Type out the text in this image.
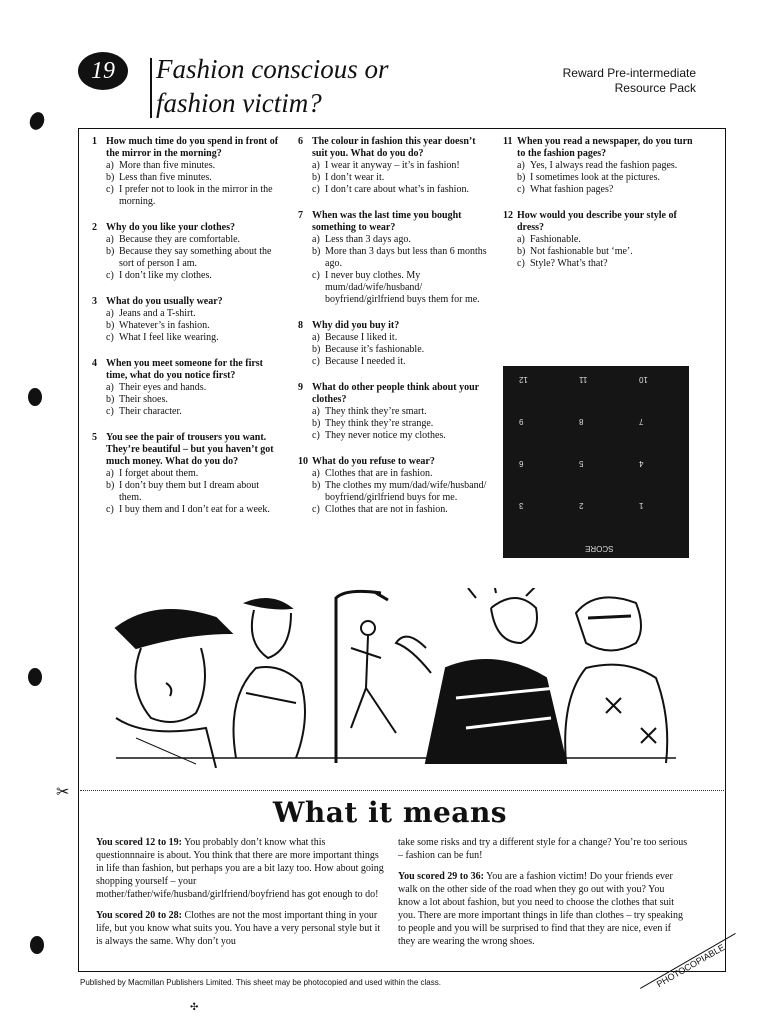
19	Fashion conscious or
fashion victim?
Reward Pre-intermediate
Resource Pack
1 How much time do you spend in front of the mirror in the morning?
a) More than five minutes.
b) Less than five minutes.
c) I prefer not to look in the mirror in the morning.
2 Why do you like your clothes?
a) Because they are comfortable.
b) Because they say something about the sort of person I am.
c) I don’t like my clothes.
3 What do you usually wear?
a) Jeans and a T-shirt.
b) Whatever’s in fashion.
c) What I feel like wearing.
4 When you meet someone for the first time, what do you notice first?
a) Their eyes and hands.
b) Their shoes.
c) Their character.
5 You see the pair of trousers you want. They’re beautiful – but you haven’t got much money. What do you do?
a) I forget about them.
b) I don’t buy them but I dream about them.
c) I buy them and I don’t eat for a week.
6 The colour in fashion this year doesn’t suit you. What do you do?
a) I wear it anyway – it’s in fashion!
b) I don’t wear it.
c) I don’t care about what’s in fashion.
7 When was the last time you bought something to wear?
a) Less than 3 days ago.
b) More than 3 days but less than 6 months ago.
c) I never buy clothes. My mum/dad/wife/husband/ boyfriend/girlfriend buys them for me.
8 Why did you buy it?
a) Because I liked it.
b) Because it’s fashionable.
c) Because I needed it.
9 What do other people think about your clothes?
a) They think they’re smart.
b) They think they’re strange.
c) They never notice my clothes.
10 What do you refuse to wear?
a) Clothes that are in fashion.
b) The clothes my mum/dad/wife/husband/ boyfriend/girlfriend buys for me.
c) Clothes that are not in fashion.
11 When you read a newspaper, do you turn to the fashion pages?
a) Yes, I always read the fashion pages.
b) I sometimes look at the pictures.
c) What fashion pages?
12 How would you describe your style of dress?
a) Fashionable.
b) Not fashionable but ‘me’.
c) Style? What’s that?
12	11	10
9	8	7
6	5	4
3	2	1
SCORE
✂
What it means

You scored 12 to 19: You probably don’t know what this questionnnaire is about. You think that there are more important things in life than fashion, but perhaps you are a bit lazy too. How about going shopping yourself – your mother/father/wife/husband/girlfriend/boyfriend has got enough to do!

You scored 20 to 28: Clothes are not the most important thing in your life, but you know what suits you. You have a very personal style but it is always the same. Why don’t you

take some risks and try a different style for a change? You’re too serious – fashion can be fun!

You scored 29 to 36: You are a fashion victim! Do your friends ever walk on the other side of the road when they go out with you? You know a lot about fashion, but you need to choose the clothes that suit you. There are more important things in life than clothes – try speaking to people and you will be surprised to find that they are nice, even if they are wearing the wrong shoes.

Published by Macmillan Publishers Limited. This sheet may be photocopied and used within the class.	PHOTOCOPIABLE
✣
